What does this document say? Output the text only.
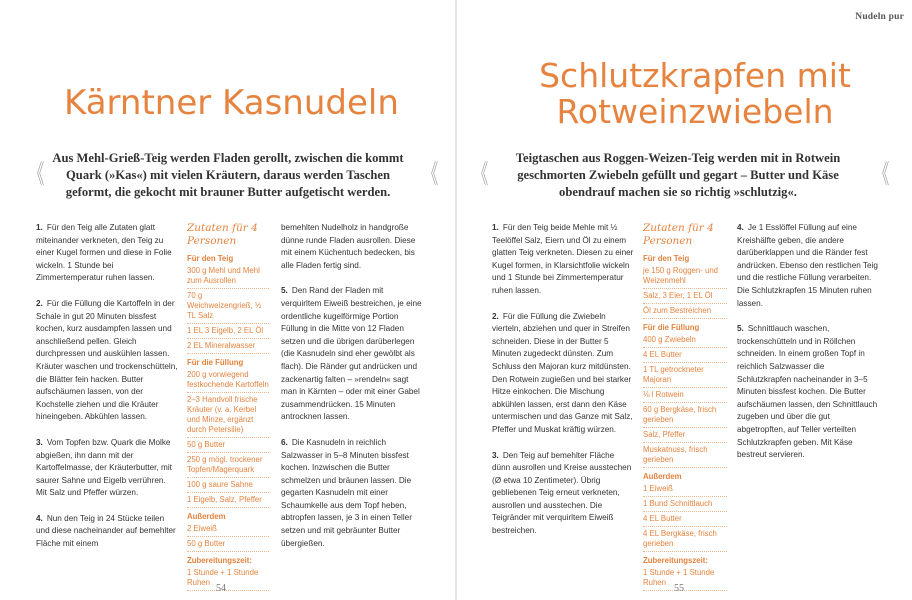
Nudeln pur
Kärntner Kasnudeln
《

Aus Mehl-Grieß-Teig werden Fladen gerollt, zwischen die kommt Quark (»Kas«) mit vielen Kräutern, daraus werden Taschen geformt, die gekocht mit brauner Butter aufgetischt werden.

《

1. Für den Teig alle Zutaten glatt miteinander verkneten, den Teig zu einer Kugel formen und diese in Folie wickeln. 1 Stunde bei Zimmertemperatur ruhen lassen.

2. Für die Füllung die Kartoffeln in der Schale in gut 20 Minuten bissfest kochen, kurz ausdampfen lassen und anschließend pellen. Gleich durchpressen und auskühlen lassen. Kräuter waschen und trockenschütteln, die Blätter fein hacken. Butter aufschäumen lassen, von der Kochstelle ziehen und die Kräuter hineingeben. Abkühlen lassen.

3. Vom Topfen bzw. Quark die Molke abgießen, ihn dann mit der Kartoffelmasse, der Kräuterbutter, mit saurer Sahne und Eigelb verrühren. Mit Salz und Pfeffer würzen.

4. Nun den Teig in 24 Stücke teilen und diese nacheinander auf bemehlter Fläche mit einem

Zutaten für 4 Personen
Für den Teig
300 g Mehl und Mehl zum Ausrollen
70 g Weichweizengrieß, ½ TL Salz
1 EL 3 Eigelb, 2 EL Öl
2 EL Mineralwasser
Für die Füllung
200 g vorwiegend festkochende Kartoffeln
2–3 Handvoll frische Kräuter (v. a. Kerbel und Minze, ergänzt durch Petersilie)
50 g Butter
250 g mögl. trockener Topfen/Magerquark
100 g saure Sahne
1 Eigelb, Salz, Pfeffer
Außerdem
2 Eiweiß
50 g Butter
Zubereitungszeit:
1 Stunde + 1 Stunde Ruhen

bemehlten Nudelholz in handgroße dünne runde Fladen ausrollen. Diese mit einem Küchentuch bedecken, bis alle Fladen fertig sind.

5. Den Rand der Fladen mit verquirltem Eiweiß bestreichen, je eine ordentliche kugelförmige Portion Füllung in die Mitte von 12 Fladen setzen und die übrigen darüberlegen (die Kasnudeln sind eher gewölbt als flach). Die Ränder gut andrücken und zackenartig falten – »rendeln« sagt man in Kärnten – oder mit einer Gabel zusammendrücken. 15 Minuten antrocknen lassen.

6. Die Kasnudeln in reichlich Salzwasser in 5–8 Minuten bissfest kochen. Inzwischen die Butter schmelzen und bräunen lassen. Die gegarten Kasnudeln mit einer Schaumkelle aus dem Topf heben, abtropfen lassen, je 3 in einen Teller setzen und mit gebräunter Butter übergießen.

54
Schlutzkrapfen mit Rotweinzwiebeln
《

Teigtaschen aus Roggen-Weizen-Teig werden mit in Rotwein geschmorten Zwiebeln gefüllt und gegart – Butter und Käse obendrauf machen sie so richtig »schlutzig«.

《

1. Für den Teig beide Mehle mit ½ Teelöffel Salz, Eiern und Öl zu einem glatten Teig verkneten. Diesen zu einer Kugel formen, in Klarsichtfolie wickeln und 1 Stunde bei Zimmertemperatur ruhen lassen.

2. Für die Füllung die Zwiebeln vierteln, abziehen und quer in Streifen schneiden. Diese in der Butter 5 Minuten zugedeckt dünsten. Zum Schluss den Majoran kurz mitdünsten. Den Rotwein zugießen und bei starker Hitze einkochen. Die Mischung abkühlen lassen, erst dann den Käse untermischen und das Ganze mit Salz, Pfeffer und Muskat kräftig würzen.

3. Den Teig auf bemehlter Fläche dünn ausrollen und Kreise ausstechen (Ø etwa 10 Zentimeter). Übrig gebliebenen Teig erneut verkneten, ausrollen und ausstechen. Die Teigränder mit verquirltem Eiweiß bestreichen.

Zutaten für 4 Personen
Für den Teig
je 150 g Roggen- und Weizenmehl
Salz, 3 Eier, 1 EL Öl
Öl zum Bestreichen
Für die Füllung
400 g Zwiebeln
4 EL Butter
1 TL getrockneter Majoran
⅛ l Rotwein
60 g Bergkäse, frisch gerieben
Salz, Pfeffer
Muskatnuss, frisch gerieben
Außerdem
1 Eiweiß
1 Bund Schnittlauch
4 EL Butter
4 EL Bergkäse, frisch gerieben
Zubereitungszeit:
1 Stunde + 1 Stunde Ruhen

4. Je 1 Esslöffel Füllung auf eine Kreishälfte geben, die andere darüberklappen und die Ränder fest andrücken. Ebenso den restlichen Teig und die restliche Füllung verarbeiten. Die Schlutzkrapfen 15 Minuten ruhen lassen.

5. Schnittlauch waschen, trockenschütteln und in Röllchen schneiden. In einem großen Topf in reichlich Salzwasser die Schlutzkrapfen nacheinander in 3–5 Minuten bissfest kochen. Die Butter aufschäumen lassen, den Schnittlauch zugeben und über die gut abgetropften, auf Teller verteilten Schlutzkrapfen geben. Mit Käse bestreut servieren.

55
